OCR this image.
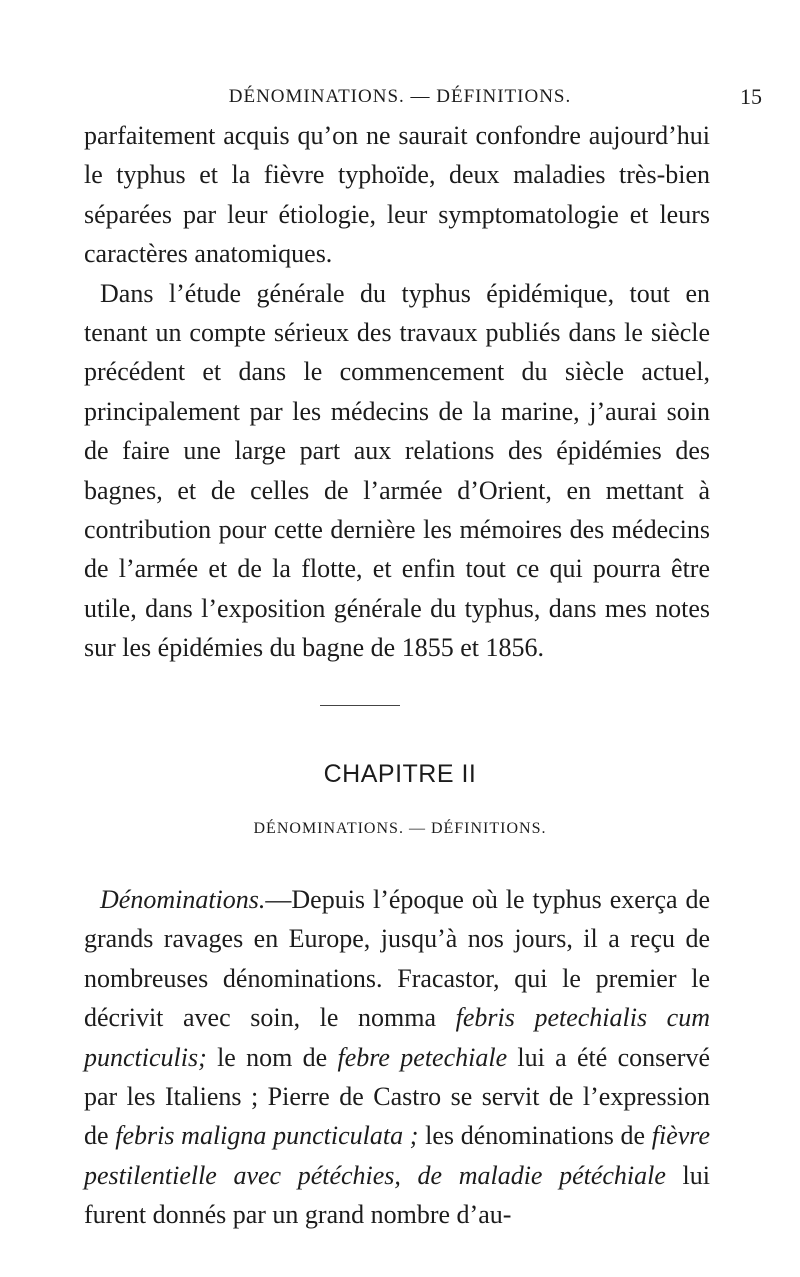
DÉNOMINATIONS. — DÉFINITIONS.	15

parfaitement acquis qu’on ne saurait confondre aujourd’hui le typhus et la fièvre typhoïde, deux maladies très-bien séparées par leur étiologie, leur symptomatologie et leurs caractères anatomiques.

Dans l’étude générale du typhus épidémique, tout en tenant un compte sérieux des travaux publiés dans le siècle précédent et dans le commencement du siècle actuel, principalement par les médecins de la marine, j’aurai soin de faire une large part aux relations des épidémies des bagnes, et de celles de l’armée d’Orient, en mettant à contribution pour cette dernière les mémoires des médecins de l’armée et de la flotte, et enfin tout ce qui pourra être utile, dans l’exposition générale du typhus, dans mes notes sur les épidémies du bagne de 1855 et 1856.

CHAPITRE II
DÉNOMINATIONS. — DÉFINITIONS.

Dénominations.—Depuis l’époque où le typhus exerça de grands ravages en Europe, jusqu’à nos jours, il a reçu de nombreuses dénominations. Fracastor, qui le premier le décrivit avec soin, le nomma febris petechialis cum puncticulis; le nom de febre petechiale lui a été conservé par les Italiens ; Pierre de Castro se servit de l’expression de febris maligna puncticulata ; les dénominations de fièvre pestilentielle avec pétéchies, de maladie pétéchiale lui furent donnés par un grand nombre d’au-
